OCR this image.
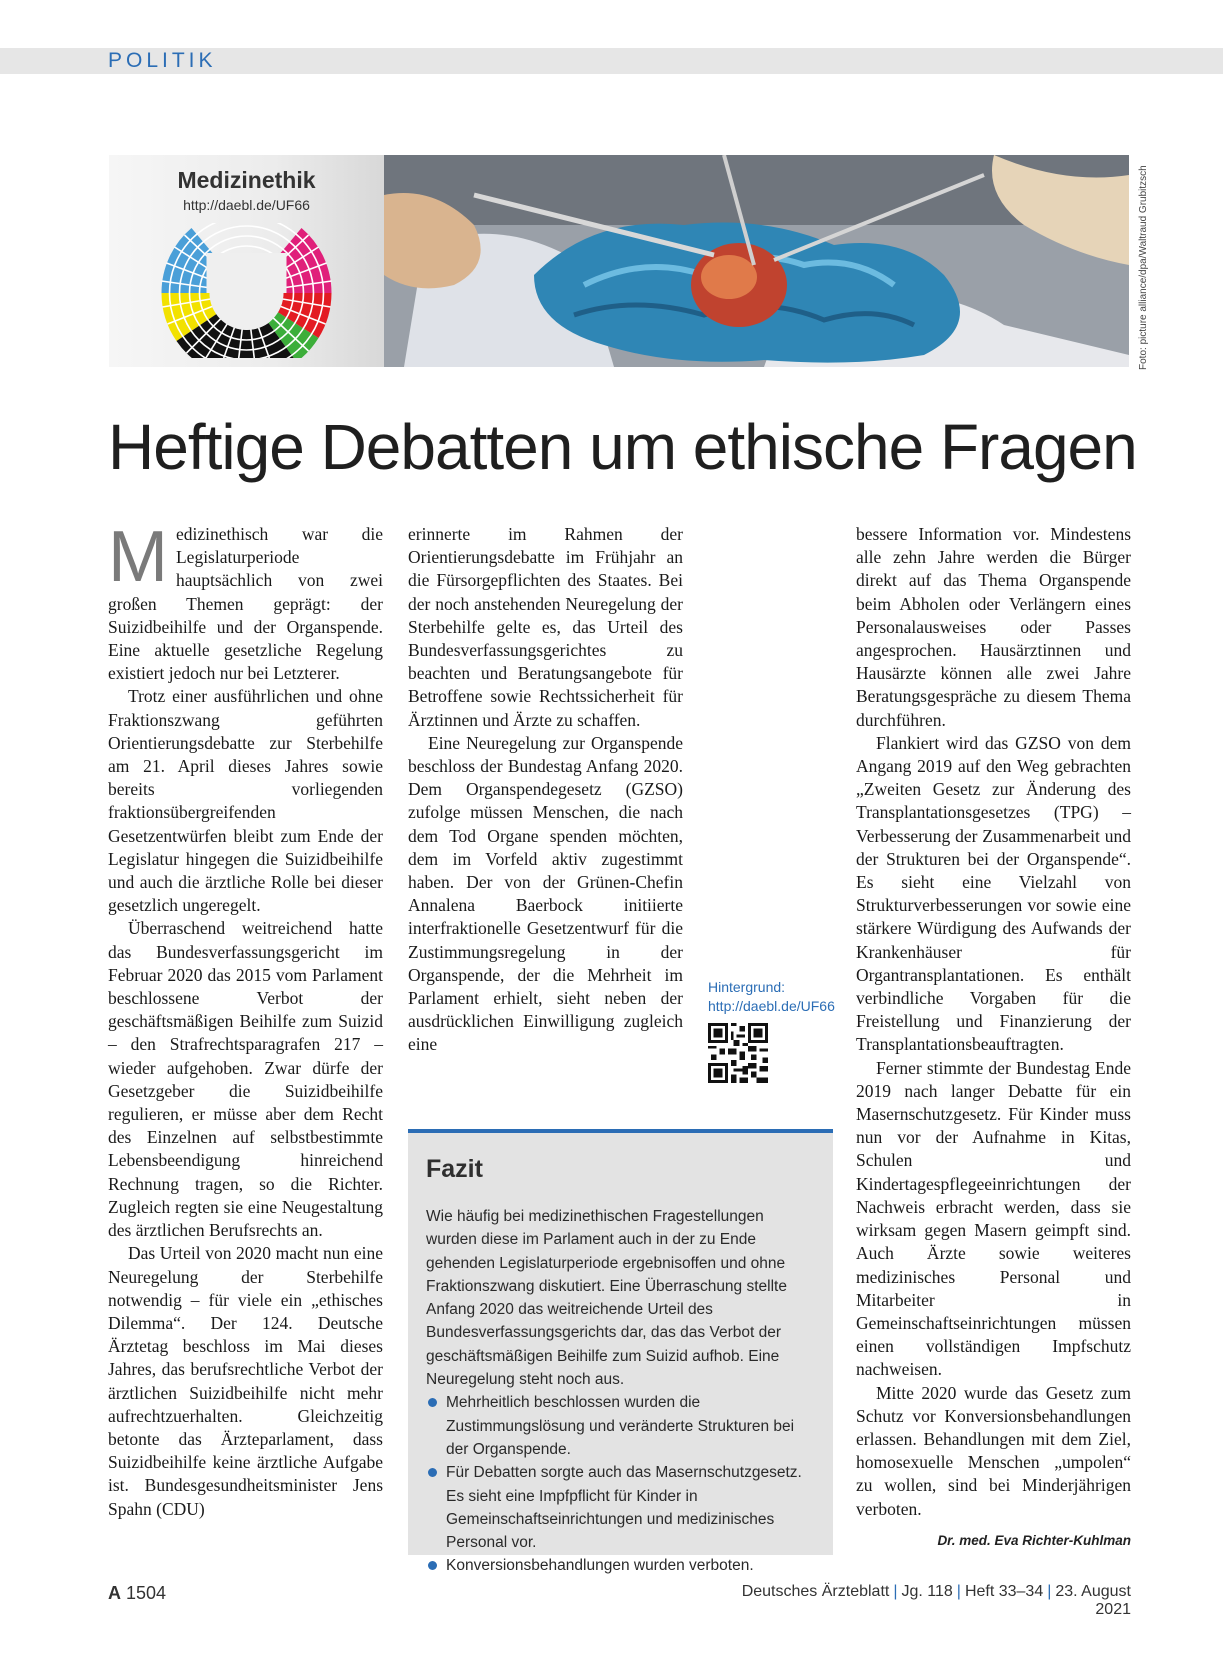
POLITIK
Medizinethik
http://daebl.de/UF66	Foto: picture alliance/dpa/Waltraud Grubitzsch
Heftige Debatten um ethische Fragen

Medizinethisch war die Legislaturperiode hauptsächlich von zwei großen Themen geprägt: der Suizidbeihilfe und der Organspende. Eine aktuelle gesetzliche Regelung existiert jedoch nur bei Letzterer.

Trotz einer ausführlichen und ohne Fraktionszwang geführten Orientierungsdebatte zur Sterbehilfe am 21. April dieses Jahres sowie bereits vorliegenden fraktionsübergreifenden Gesetzentwürfen bleibt zum Ende der Legislatur hingegen die Suizidbeihilfe und auch die ärztliche Rolle bei dieser gesetzlich ungeregelt.

Überraschend weitreichend hatte das Bundesverfassungsgericht im Februar 2020 das 2015 vom Parlament beschlossene Verbot der geschäftsmäßigen Beihilfe zum Suizid – den Strafrechtsparagrafen 217 – wieder aufgehoben. Zwar dürfe der Gesetzgeber die Suizidbeihilfe regulieren, er müsse aber dem Recht des Einzelnen auf selbstbestimmte Lebensbeendigung hinreichend Rechnung tragen, so die Richter. Zugleich regten sie eine Neugestaltung des ärztlichen Berufsrechts an.

Das Urteil von 2020 macht nun eine Neuregelung der Sterbehilfe notwendig – für viele ein „ethisches Dilemma“. Der 124. Deutsche Ärztetag beschloss im Mai dieses Jahres, das berufsrechtliche Verbot der ärztlichen Suizidbeihilfe nicht mehr aufrechtzuerhalten. Gleichzeitig betonte das Ärzteparlament, dass Suizidbeihilfe keine ärztliche Aufgabe ist. Bundesgesundheitsminister Jens Spahn (CDU)

erinnerte im Rahmen der Orientierungsdebatte im Frühjahr an die Fürsorgepflichten des Staates. Bei der noch anstehenden Neuregelung der Sterbehilfe gelte es, das Urteil des Bundesverfassungsgerichtes zu beachten und Beratungsangebote für Betroffene sowie Rechtssicherheit für Ärztinnen und Ärzte zu schaffen.

Eine Neuregelung zur Organspende beschloss der Bundestag Anfang 2020. Dem Organspendegesetz (GZSO) zufolge müssen Menschen, die nach dem Tod Organe spenden möchten, dem im Vorfeld aktiv zugestimmt haben. Der von der Grünen-Chefin Annalena Baerbock initiierte interfraktionelle Gesetzentwurf für die Zustimmungsregelung in der Organspende, der die Mehrheit im Parlament erhielt, sieht neben der ausdrücklichen Einwilligung zugleich eine

Hintergrund:
http://daebl.de/UF66
Fazit
Wie häufig bei medizinethischen Fragestellungen wurden diese im Parlament auch in der zu Ende gehenden Legislaturperiode ergebnisoffen und ohne Fraktionszwang diskutiert. Eine Überraschung stellte Anfang 2020 das weitreichende Urteil des Bundesverfassungsgerichts dar, das das Verbot der geschäftsmäßigen Beihilfe zum Suizid aufhob. Eine Neuregelung steht noch aus.
Mehrheitlich beschlossen wurden die Zustimmungslösung und veränderte Strukturen bei der Organspende.
Für Debatten sorgte auch das Masernschutzgesetz. Es sieht eine Impfpflicht für Kinder in Gemeinschaftseinrichtungen und medizinisches Personal vor.
Konversionsbehandlungen wurden verboten.

bessere Information vor. Mindestens alle zehn Jahre werden die Bürger direkt auf das Thema Organspende beim Abholen oder Verlängern eines Personalausweises oder Passes angesprochen. Hausärztinnen und Hausärzte können alle zwei Jahre Beratungsgespräche zu diesem Thema durchführen.

Flankiert wird das GZSO von dem Angang 2019 auf den Weg gebrachten „Zweiten Gesetz zur Änderung des Transplantationsgesetzes (TPG) – Verbesserung der Zusammenarbeit und der Strukturen bei der Organspende“. Es sieht eine Vielzahl von Strukturverbesserungen vor sowie eine stärkere Würdigung des Aufwands der Krankenhäuser für Organtransplantationen. Es enthält verbindliche Vorgaben für die Freistellung und Finanzierung der Transplantationsbeauftragten.

Ferner stimmte der Bundestag Ende 2019 nach langer Debatte für ein Masernschutzgesetz. Für Kinder muss nun vor der Aufnahme in Kitas, Schulen und Kindertagespflegeeinrichtungen der Nachweis erbracht werden, dass sie wirksam gegen Masern geimpft sind. Auch Ärzte sowie weiteres medizinisches Personal und Mitarbeiter in Gemeinschaftseinrichtungen müssen einen vollständigen Impfschutz nachweisen.

Mitte 2020 wurde das Gesetz zum Schutz vor Konversionsbehandlungen erlassen. Behandlungen mit dem Ziel, homosexuelle Menschen „umpolen“ zu wollen, sind bei Minderjährigen verboten.

Dr. med. Eva Richter-Kuhlman
A 1504	Deutsches Ärzteblatt | Jg. 118 | Heft 33–34 | 23. August 2021
